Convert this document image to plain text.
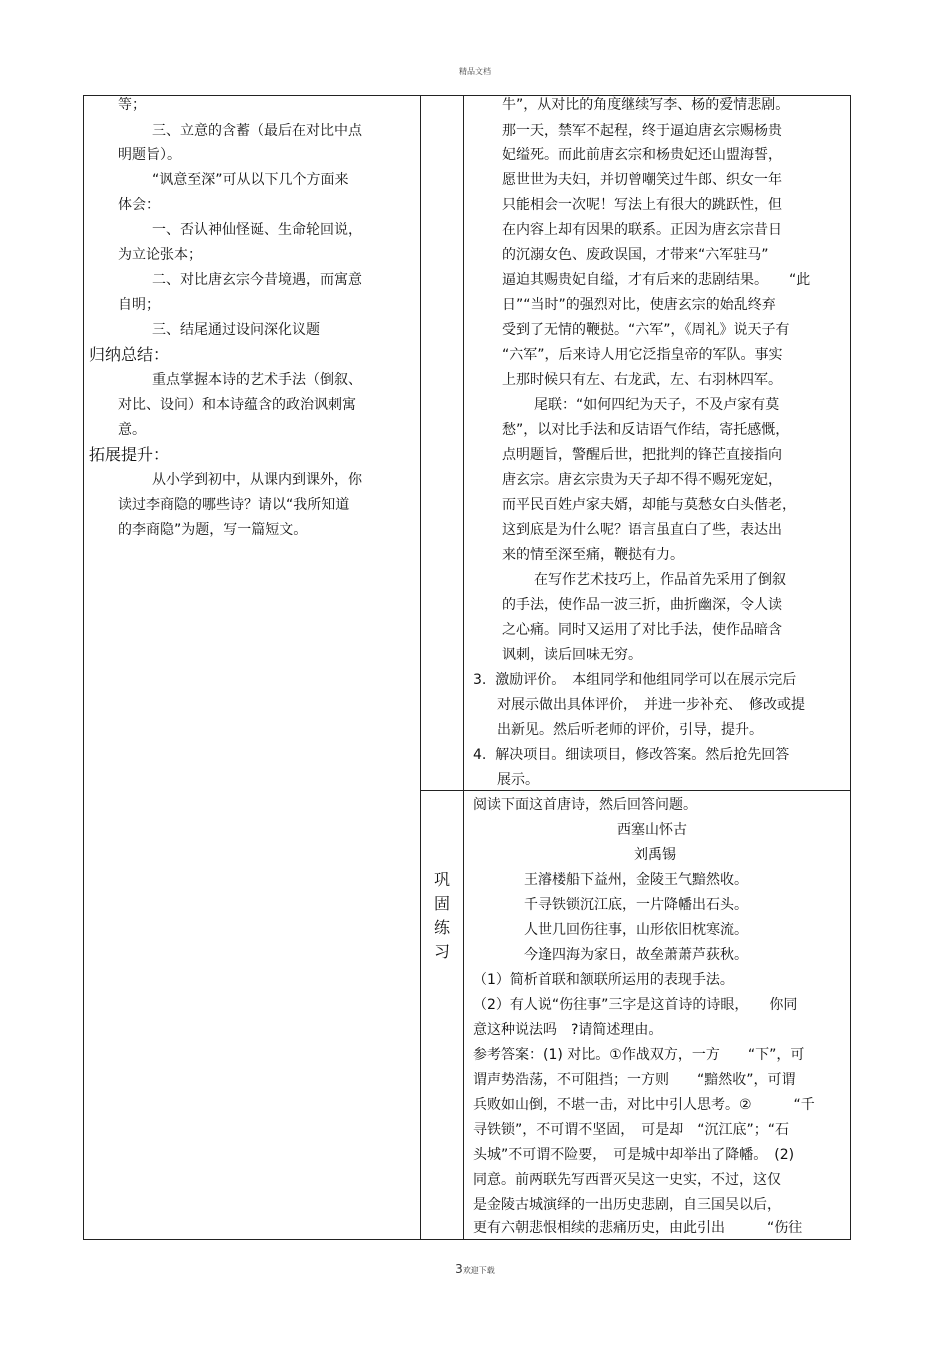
精品文档
等；
三、立意的含蓄（最后在对比中点
明题旨）。
“讽意至深”可从以下几个方面来
体会：
一、否认神仙怪诞、生命轮回说，
为立论张本；
二、对比唐玄宗今昔境遇，而寓意
自明；
三、结尾通过设问深化议题
归纳总结：
重点掌握本诗的艺术手法（倒叙、
对比、设问）和本诗蕴含的政治讽刺寓
意。
拓展提升：
从小学到初中，从课内到课外，你
读过李商隐的哪些诗？请以“我所知道
的李商隐”为题，写一篇短文。
牛”，从对比的角度继续写李、杨的爱情悲剧。
那一天，禁军不起程，终于逼迫唐玄宗赐杨贵
妃缢死。而此前唐玄宗和杨贵妃还山盟海誓，
愿世世为夫妇，并切曾嘲笑过牛郎、织女一年
只能相会一次呢！写法上有很大的跳跃性，但
在内容上却有因果的联系。正因为唐玄宗昔日
的沉溺女色、废政误国，才带来“六军驻马”
逼迫其赐贵妃自缢，才有后来的悲剧结果。　　“此
日”“当时”的强烈对比，使唐玄宗的始乱终弃
受到了无情的鞭挞。“六军”，《周礼》说天子有
“六军”，后来诗人用它泛指皇帝的军队。事实
上那时候只有左、右龙武，左、右羽林四军。
尾联：“如何四纪为天子，不及卢家有莫
愁”，以对比手法和反诘语气作结，寄托感慨，
点明题旨，警醒后世，把批判的锋芒直接指向
唐玄宗。唐玄宗贵为天子却不得不赐死宠妃，
而平民百姓卢家夫婿，却能与莫愁女白头偕老，
这到底是为什么呢？语言虽直白了些，表达出
来的情至深至痛，鞭挞有力。
在写作艺术技巧上，作品首先采用了倒叙
的手法，使作品一波三折，曲折幽深，令人读
之心痛。同时又运用了对比手法，使作品暗含
讽刺，读后回味无穷。
3.  激励评价。　本组同学和他组同学可以在展示完后
对展示做出具体评价，　并进一步补充、　修改或提
出新见。然后听老师的评价，引导，提升。
4.  解决项目。细读项目，修改答案。然后抢先回答
展示。
巩
固
练
习
阅读下面这首唐诗，然后回答问题。
西塞山怀古
刘禹锡
王濬楼船下益州，金陵王气黯然收。
千寻铁锁沉江底，一片降幡出石头。
人世几回伤往事，山形依旧枕寒流。
今逢四海为家日，故垒萧萧芦荻秋。
（1）简析首联和颔联所运用的表现手法。
（2）有人说“伤往事”三字是这首诗的诗眼，　　你同
意这种说法吗　?请简述理由。
参考答案：(1) 对比。①作战双方，一方　　“下”，可
谓声势浩荡，不可阻挡；一方则　　“黯然收”，可谓
兵败如山倒，不堪一击，对比中引人思考。②　　　“千
寻铁锁”，不可谓不坚固，　可是却　“沉江底”；“石
头城”不可谓不险要，　可是城中却举出了降幡。　(2)
同意。前两联先写西晋灭吴这一史实，不过，这仅
是金陵古城演绎的一出历史悲剧，自三国吴以后，
更有六朝悲恨相续的悲痛历史，由此引出　　　“伤往
3欢迎下载
